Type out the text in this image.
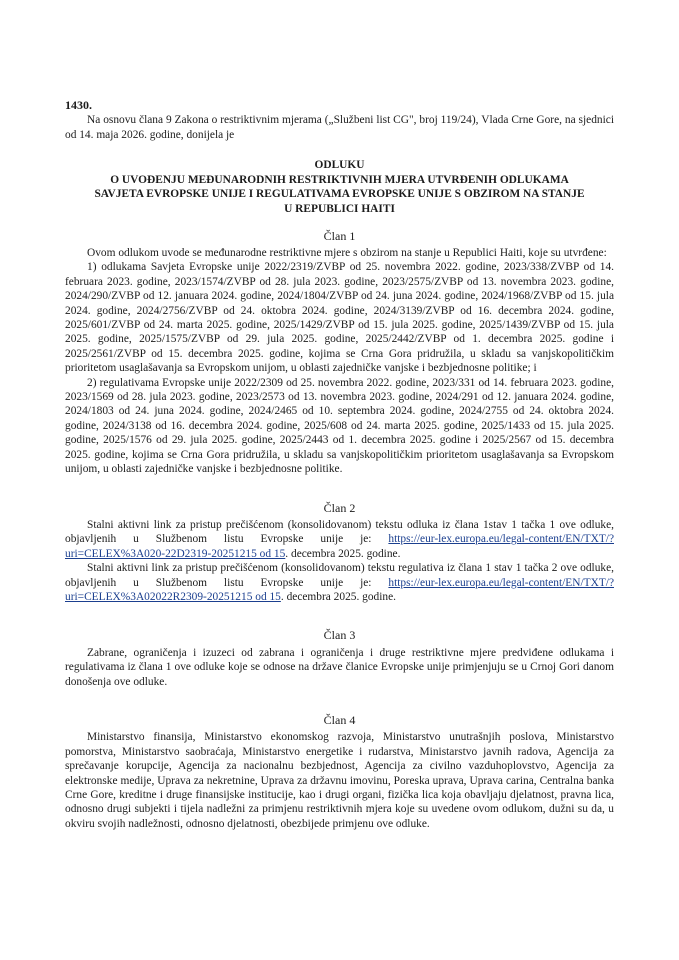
1430.

Na osnovu člana 9 Zakona o restriktivnim mjerama („Službeni list CG", broj 119/24), Vlada Crne Gore, na sjednici od 14. maja 2026. godine, donijela je

ODLUKU
O UVOĐENJU MEĐUNARODNIH RESTRIKTIVNIH MJERA UTVRĐENIH ODLUKAMA
SAVJETA EVROPSKE UNIJE I REGULATIVAMA EVROPSKE UNIJE S OBZIROM NA STANJE
U REPUBLICI HAITI
Član 1

Ovom odlukom uvode se međunarodne restriktivne mjere s obzirom na stanje u Republici Haiti, koje su utvrđene:

1) odlukama Savjeta Evropske unije 2022/2319/ZVBP od 25. novembra 2022. godine, 2023/338/ZVBP od 14. februara 2023. godine, 2023/1574/ZVBP od 28. jula 2023. godine, 2023/2575/ZVBP od 13. novembra 2023. godine, 2024/290/ZVBP od 12. januara 2024. godine, 2024/1804/ZVBP od 24. juna 2024. godine, 2024/1968/ZVBP od 15. jula 2024. godine, 2024/2756/ZVBP od 24. oktobra 2024. godine, 2024/3139/ZVBP od 16. decembra 2024. godine, 2025/601/ZVBP od 24. marta 2025. godine, 2025/1429/ZVBP od 15. jula 2025. godine, 2025/1439/ZVBP od 15. jula 2025. godine, 2025/1575/ZVBP od 29. jula 2025. godine, 2025/2442/ZVBP od 1. decembra 2025. godine i 2025/2561/ZVBP od 15. decembra 2025. godine, kojima se Crna Gora pridružila, u skladu sa vanjskopolitičkim prioritetom usaglašavanja sa Evropskom unijom, u oblasti zajedničke vanjske i bezbjednosne politike; i

2) regulativama Evropske unije 2022/2309 od 25. novembra 2022. godine, 2023/331 od 14. februara 2023. godine, 2023/1569 od 28. jula 2023. godine, 2023/2573 od 13. novembra 2023. godine, 2024/291 od 12. januara 2024. godine, 2024/1803 od 24. juna 2024. godine, 2024/2465 od 10. septembra 2024. godine, 2024/2755 od 24. oktobra 2024. godine, 2024/3138 od 16. decembra 2024. godine, 2025/608 od 24. marta 2025. godine, 2025/1433 od 15. jula 2025. godine, 2025/1576 od 29. jula 2025. godine, 2025/2443 od 1. decembra 2025. godine i 2025/2567 od 15. decembra 2025. godine, kojima se Crna Gora pridružila, u skladu sa vanjskopolitičkim prioritetom usaglašavanja sa Evropskom unijom, u oblasti zajedničke vanjske i bezbjednosne politike.

Član 2

Stalni aktivni link za pristup prečišćenom (konsolidovanom) tekstu odluka iz člana 1stav 1 tačka 1 ove odluke, objavljenih u Službenom listu Evropske unije je: https://eur-lex.europa.eu/legal-content/EN/TXT/?uri=CELEX%3A020-22D2319-20251215 od 15. decembra 2025. godine.

Stalni aktivni link za pristup prečišćenom (konsolidovanom) tekstu regulativa iz člana 1 stav 1 tačka 2 ove odluke, objavljenih u Službenom listu Evropske unije je: https://eur-lex.europa.eu/legal-content/EN/TXT/?uri=CELEX%3A02022R2309-20251215 od 15. decembra 2025. godine.

Član 3

Zabrane, ograničenja i izuzeci od zabrana i ograničenja i druge restriktivne mjere predviđene odlukama i regulativama iz člana 1 ove odluke koje se odnose na države članice Evropske unije primjenjuju se u Crnoj Gori danom donošenja ove odluke.

Član 4

Ministarstvo finansija, Ministarstvo ekonomskog razvoja, Ministarstvo unutrašnjih poslova, Ministarstvo pomorstva, Ministarstvo saobraćaja, Ministarstvo energetike i rudarstva, Ministarstvo javnih radova, Agencija za sprečavanje korupcije, Agencija za nacionalnu bezbjednost, Agencija za civilno vazduhoplovstvo, Agencija za elektronske medije, Uprava za nekretnine, Uprava za državnu imovinu, Poreska uprava, Uprava carina, Centralna banka Crne Gore, kreditne i druge finansijske institucije, kao i drugi organi, fizička lica koja obavljaju djelatnost, pravna lica, odnosno drugi subjekti i tijela nadležni za primjenu restriktivnih mjera koje su uvedene ovom odlukom, dužni su da, u okviru svojih nadležnosti, odnosno djelatnosti, obezbijede primjenu ove odluke.
